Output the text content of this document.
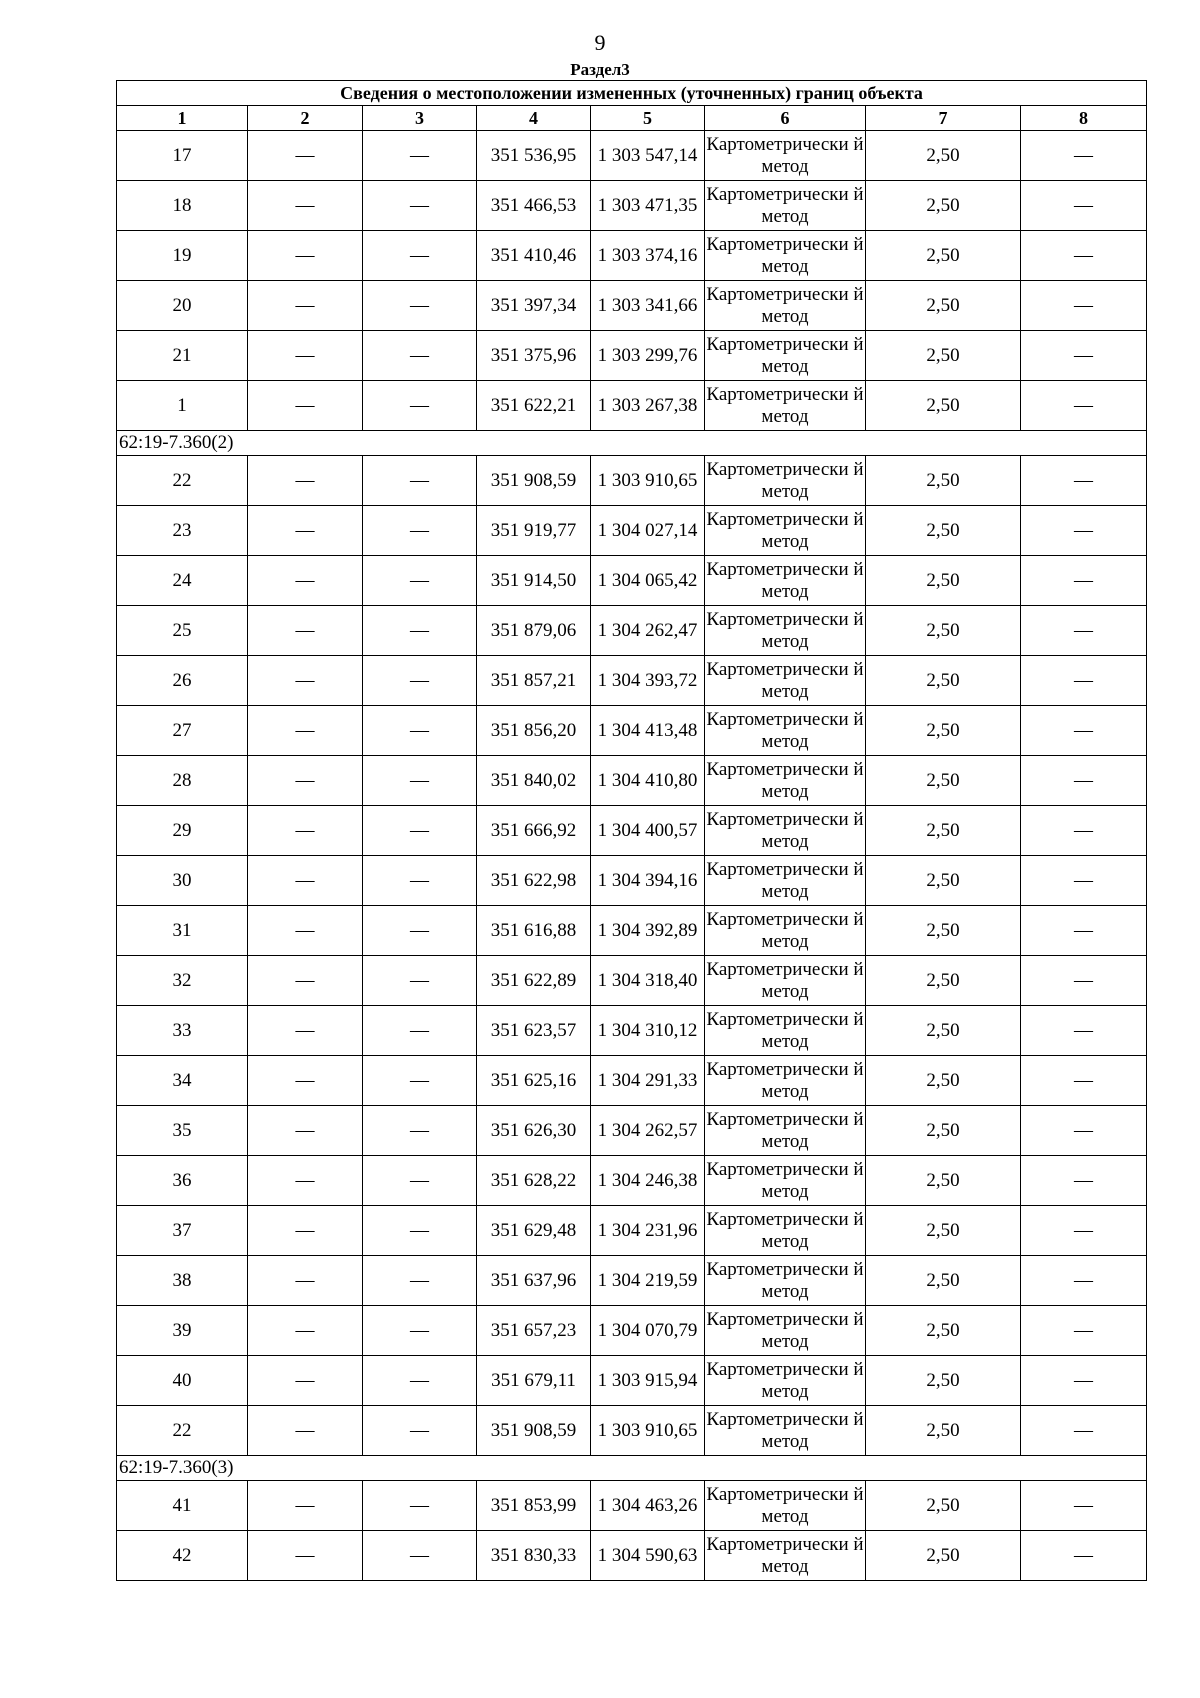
9
Раздел3
Сведения о местоположении измененных (уточненных) границ объекта							
1	2	3	4	5	6	7	8
17	—	—	351 536,95	1 303 547,14	Картометрически й метод	2,50	—
18	—	—	351 466,53	1 303 471,35	Картометрически й метод	2,50	—
19	—	—	351 410,46	1 303 374,16	Картометрически й метод	2,50	—
20	—	—	351 397,34	1 303 341,66	Картометрически й метод	2,50	—
21	—	—	351 375,96	1 303 299,76	Картометрически й метод	2,50	—
1	—	—	351 622,21	1 303 267,38	Картометрически й метод	2,50	—
62:19-7.360(2)							
22	—	—	351 908,59	1 303 910,65	Картометрически й метод	2,50	—
23	—	—	351 919,77	1 304 027,14	Картометрически й метод	2,50	—
24	—	—	351 914,50	1 304 065,42	Картометрически й метод	2,50	—
25	—	—	351 879,06	1 304 262,47	Картометрически й метод	2,50	—
26	—	—	351 857,21	1 304 393,72	Картометрически й метод	2,50	—
27	—	—	351 856,20	1 304 413,48	Картометрически й метод	2,50	—
28	—	—	351 840,02	1 304 410,80	Картометрически й метод	2,50	—
29	—	—	351 666,92	1 304 400,57	Картометрически й метод	2,50	—
30	—	—	351 622,98	1 304 394,16	Картометрически й метод	2,50	—
31	—	—	351 616,88	1 304 392,89	Картометрически й метод	2,50	—
32	—	—	351 622,89	1 304 318,40	Картометрически й метод	2,50	—
33	—	—	351 623,57	1 304 310,12	Картометрически й метод	2,50	—
34	—	—	351 625,16	1 304 291,33	Картометрически й метод	2,50	—
35	—	—	351 626,30	1 304 262,57	Картометрически й метод	2,50	—
36	—	—	351 628,22	1 304 246,38	Картометрически й метод	2,50	—
37	—	—	351 629,48	1 304 231,96	Картометрически й метод	2,50	—
38	—	—	351 637,96	1 304 219,59	Картометрически й метод	2,50	—
39	—	—	351 657,23	1 304 070,79	Картометрически й метод	2,50	—
40	—	—	351 679,11	1 303 915,94	Картометрически й метод	2,50	—
22	—	—	351 908,59	1 303 910,65	Картометрически й метод	2,50	—
62:19-7.360(3)							
41	—	—	351 853,99	1 304 463,26	Картометрически й метод	2,50	—
42	—	—	351 830,33	1 304 590,63	Картометрически й метод	2,50	—
